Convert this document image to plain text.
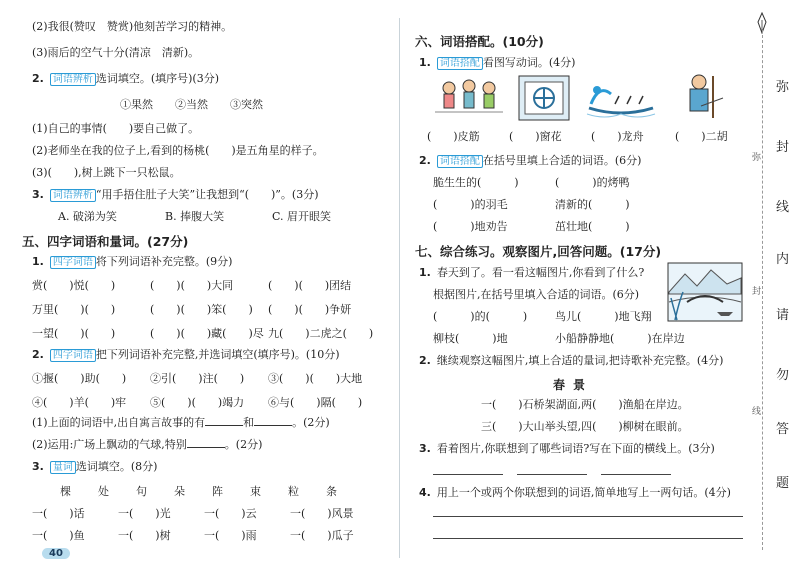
(2)我很(赞叹　赞赏)他刻苦学习的精神。
(3)雨后的空气十分(清凉　清新)。
2. 词语辨析 选词填空。(填序号)(3分)
①果然　　②当然　　③突然
(1)自己的事情(　　)要自己做了。
(2)老师坐在我的位子上,看到的杨桃(　　)是五角星的样子。
(3)(　　),树上跳下一只松鼠。
3. 词语辨析 “用手捂住肚子大笑”让我想到“(　　)”。(3分)
A. 破涕为笑	B. 捧腹大笑	C. 眉开眼笑
五、四字词语和量词。(27分)
1. 四字词语 将下列词语补充完整。(9分)
赏(　　)悦(　　)	(　　)(　　)大同	(　　)(　　)团结
万里(　　)(　　)	(　　)(　　)笨(　　) (　　)(　　)争妍
一望(　　)(　　)	(　　)(　　)藏(　　)尽 九(　　)二虎之(　　)
2. 四字词语 把下列词语补充完整,并选词填空(填序号)。(10分)
①揠(　　)助(　　) ②引(　　)注(　　) ③(　　)(　　)大地
④(　　)羊(　　)牢 ⑤(　　)(　　)竭力 ⑥与(　　)隔(　　)
(1)上面的词语中,出自寓言故事的有	和	。(2分)
(2)运用:广场上飘动的气球,特别	。(2分)
3. 量词 选词填空。(8分)
棵 处 句 朵 阵 束 粒 条
一(　　)话	一(　　)光	一(　　)云	一(　　)风景
一(　　)鱼	一(　　)树	一(　　)雨	一(　　)瓜子
40
六、词语搭配。(10分)
1. 词语搭配 看图写动词。(4分)
(　　)皮筋	(　　)窗花	(　　)龙舟	(　　)二胡
2. 词语搭配 在括号里填上合适的词语。(6分)
脆生生的(　　　)	(　　　)的烤鸭
(　　　)的羽毛	清新的(　　　)
(　　　)地劝告	茁壮地(　　　)
七、综合练习。观察图片,回答问题。(17分)
1. 春天到了。看一看这幅图片,你看到了什么?
根据图片,在括号里填入合适的词语。(6分)
(　　　)的(　　　)	鸟儿(　　　)地飞翔
柳枝(　　　)地	小船静静地(　　　)在岸边
2. 继续观察这幅图片,填上合适的量词,把诗歌补充完整。(4分)
春景
一(　　)石桥架湖面,两(　　)渔船在岸边。
三(　　)大山举头望,四(　　)柳树在眼前。
3. 看着图片,你联想到了哪些词语?写在下面的横线上。(3分)
4. 用上一个或两个你联想到的词语,简单地写上一两句话。(4分)
弥
封
线
内
请
勿
答
题
弥
封
线
